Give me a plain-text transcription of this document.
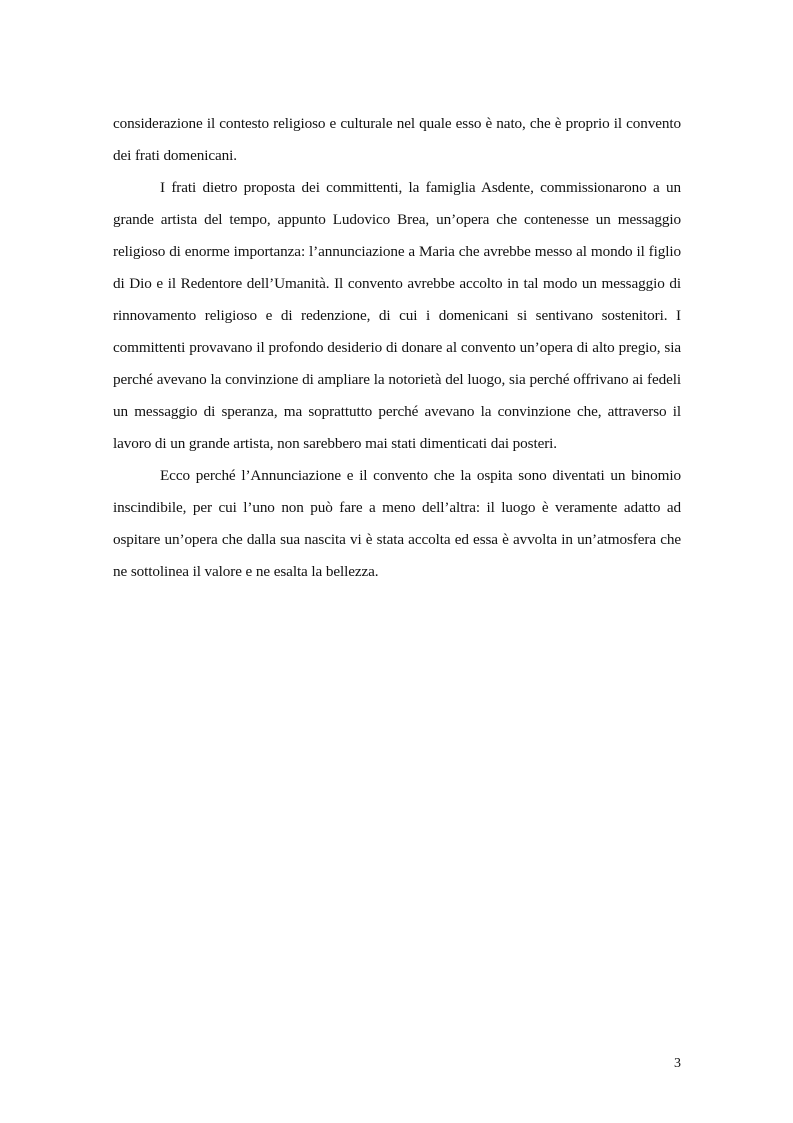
considerazione il contesto religioso e culturale nel quale esso è nato, che è proprio il convento dei frati domenicani.

I frati dietro proposta dei committenti, la famiglia Asdente, commissionarono a un grande artista del tempo, appunto Ludovico Brea, un’opera che contenesse un messaggio religioso di enorme importanza: l’annunciazione a Maria che avrebbe messo al mondo il figlio di Dio e il Redentore dell’Umanità. Il convento avrebbe accolto in tal modo un messaggio di rinnovamento religioso e di redenzione, di cui i domenicani si sentivano sostenitori. I committenti provavano il profondo desiderio di donare al convento un’opera di alto pregio, sia perché avevano la convinzione di ampliare la notorietà del luogo, sia perché offrivano ai fedeli un messaggio di speranza, ma soprattutto perché avevano la convinzione che, attraverso il lavoro di un grande artista, non sarebbero mai stati dimenticati dai posteri.

Ecco perché l’Annunciazione e il convento che la ospita sono diventati un binomio inscindibile, per cui l’uno non può fare a meno dell’altra: il luogo è veramente adatto ad ospitare un’opera che dalla sua nascita vi è stata accolta ed essa è avvolta in un’atmosfera che ne sottolinea il valore e ne esalta la bellezza.

3
